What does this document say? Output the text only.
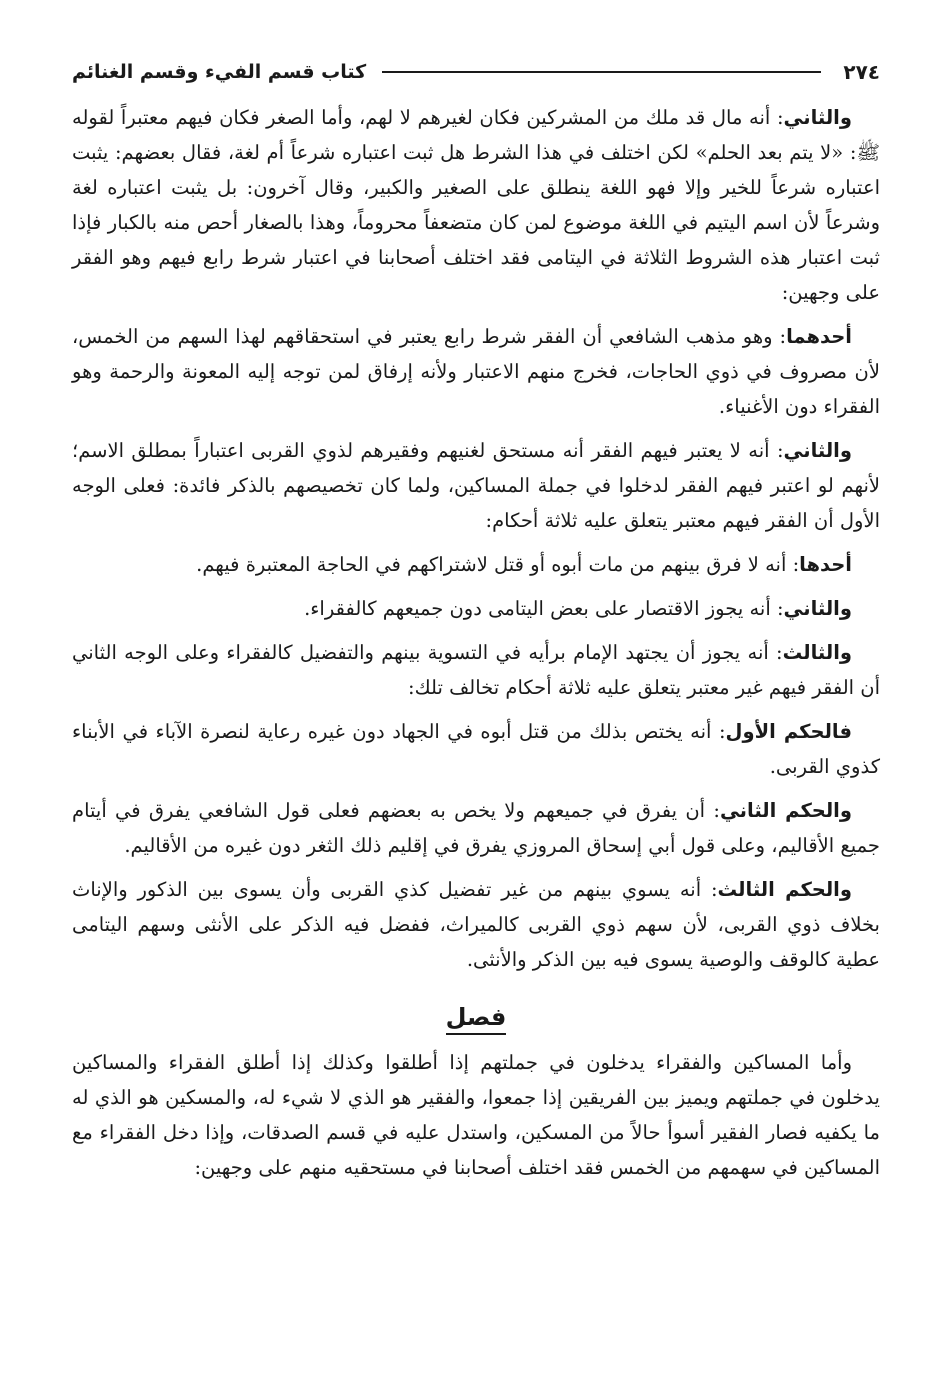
٢٧٤
كتاب قسم الفيء وقسم الغنائم

والثاني: أنه مال قد ملك من المشركين فكان لغيرهم لا لهم، وأما الصغر فكان فيهم معتبراً لقوله ﷺ: «لا يتم بعد الحلم» لكن اختلف في هذا الشرط هل ثبت اعتباره شرعاً أم لغة، فقال بعضهم: يثبت اعتباره شرعاً للخير وإلا فهو اللغة ينطلق على الصغير والكبير، وقال آخرون: بل يثبت اعتباره لغة وشرعاً لأن اسم اليتيم في اللغة موضوع لمن كان متضعفاً محروماً، وهذا بالصغار أحص منه بالكبار فإذا ثبت اعتبار هذه الشروط الثلاثة في اليتامى فقد اختلف أصحابنا في اعتبار شرط رابع فيهم وهو الفقر على وجهين:

أحدهما: وهو مذهب الشافعي أن الفقر شرط رابع يعتبر في استحقاقهم لهذا السهم من الخمس، لأن مصروف في ذوي الحاجات، فخرج منهم الاعتبار ولأنه إرفاق لمن توجه إليه المعونة والرحمة وهو الفقراء دون الأغنياء.

والثاني: أنه لا يعتبر فيهم الفقر أنه مستحق لغنيهم وفقيرهم لذوي القربى اعتباراً بمطلق الاسم؛ لأنهم لو اعتبر فيهم الفقر لدخلوا في جملة المساكين، ولما كان تخصيصهم بالذكر فائدة: فعلى الوجه الأول أن الفقر فيهم معتبر يتعلق عليه ثلاثة أحكام:

أحدها: أنه لا فرق بينهم من مات أبوه أو قتل لاشتراكهم في الحاجة المعتبرة فيهم.

والثاني: أنه يجوز الاقتصار على بعض اليتامى دون جميعهم كالفقراء.

والثالث: أنه يجوز أن يجتهد الإمام برأيه في التسوية بينهم والتفضيل كالفقراء وعلى الوجه الثاني أن الفقر فيهم غير معتبر يتعلق عليه ثلاثة أحكام تخالف تلك:

فالحكم الأول: أنه يختص بذلك من قتل أبوه في الجهاد دون غيره رعاية لنصرة الآباء في الأبناء كذوي القربى.

والحكم الثاني: أن يفرق في جميعهم ولا يخص به بعضهم فعلى قول الشافعي يفرق في أيتام جميع الأقاليم، وعلى قول أبي إسحاق المروزي يفرق في إقليم ذلك الثغر دون غيره من الأقاليم.

والحكم الثالث: أنه يسوي بينهم من غير تفضيل كذي القربى وأن يسوى بين الذكور والإناث بخلاف ذوي القربى، لأن سهم ذوي القربى كالميراث، ففضل فيه الذكر على الأنثى وسهم اليتامى عطية كالوقف والوصية يسوى فيه بين الذكر والأنثى.

فصل

وأما المساكين والفقراء يدخلون في جملتهم إذا أطلقوا وكذلك إذا أطلق الفقراء والمساكين يدخلون في جملتهم ويميز بين الفريقين إذا جمعوا، والفقير هو الذي لا شيء له، والمسكين هو الذي له ما يكفيه فصار الفقير أسوأ حالاً من المسكين، واستدل عليه في قسم الصدقات، وإذا دخل الفقراء مع المساكين في سهمهم من الخمس فقد اختلف أصحابنا في مستحقيه منهم على وجهين:
